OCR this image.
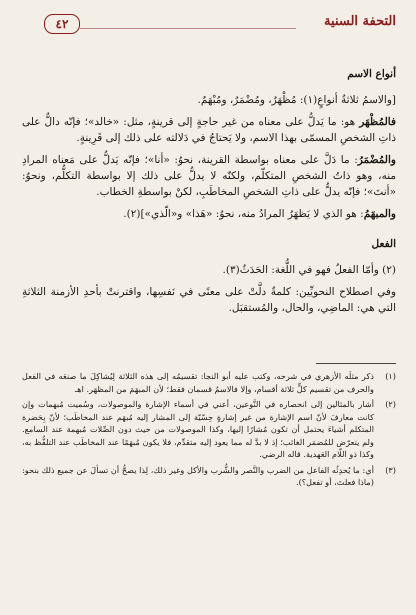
التحفة السنية
٤٢
أنواع الاسم

[والاسمُ ثلاثةُ أنواعٍ(١): مُظْهَرٌ، ومُضْمَرٌ، ومُبْهَمٌ.

فالمُظْهَر هو: ما يَدلُّ على معناه من غير حاجةٍ إلى قرينةٍ، مثل: «خالد»؛ فإنّه دالٌّ على ذاتِ الشخصِ المسمّى بهذا الاسم، ولا يَحتاجُ في دَلالته على ذلك إلى قَرِينةٍ.

والمُضْمَرُ: ما دَلَّ على معناه بواسطة القرينة، نحوُ: «أنا»؛ فإنّه يَدلُّ على مَعناه المرادِ منه، وهو ذاتُ الشخصِ المتكلّم، ولكنّه لا يدلُّ على ذلك إلا بواسطة التكلُّم، ونحوُ: «أنتَ»؛ فإنّه يدلُّ على ذاتِ الشخصِ المخاطَبِ، لكنْ بواسطةِ الخطاب.

والمبهَمُ: هو الذي لا يَظهَرُ المرادُ منه، نحوُ: «هَذا» و«الّذي»](٢).

الفعل

(٢) وأمّا الفعلُ فهو في اللُّغة: الحَدَثُ(٣).

وفي اصطلاح النحويِّين: كلمةٌ دلَّتْ على معنًى في نَفسِها، واقترنتْ بأحدِ الأزمنة الثلاثةِ التي هي: الماضِي، والحال، والمُستقبَل.

(١)
ذكر مثلَه الأزهري في شرحه، وكتب عليه أبو النجا: تقسيمُه إلى هذه الثلاثة لِيُشاكِلَ ما صنعَه في الفعل والحرف من تقسيم كلٍّ ثلاثة أقسام، وإلا فالاسمُ قسمان فقط؛ لأن المبهَمَ من المظهَر. اهـ
(٢)
أشار بالمثالين إلى انحصاره في النَّوعين، أعني في أسماء الإشارة والموصولات، وسُميت مُبهمات وإن كانت معارفَ لأنّ اسم الإشارة من غير إشارةٍ حِسّيّة إلى المشار إليه مُبهَم عند المخاطَب؛ لأنّ بِحَضرة المتكلم أشياءَ يحتمل أن تكون مُشارًا إليها، وكذا الموصولات من حيث دون الصِّلات مُبهمة عند السامع. ولم يتعرّض للمُضمَر الغائب؛ إذ لا بدَّ له مما يعود إليه متقدِّم، فلا يكون مُبهَمًا عند المخاطَب عند التلفُّظ به، وكذا ذو اللّام العَهدية. قاله الرضي.
(٣)
أي: ما يُحدِثُه الفاعل من الضرب والنَّصر والشُّرب والأكل وغير ذلك، لِذا يصحُّ أن تسألَ عن جميع ذلك بنحو: (ماذا فعلتَ، أو تفعل؟).
